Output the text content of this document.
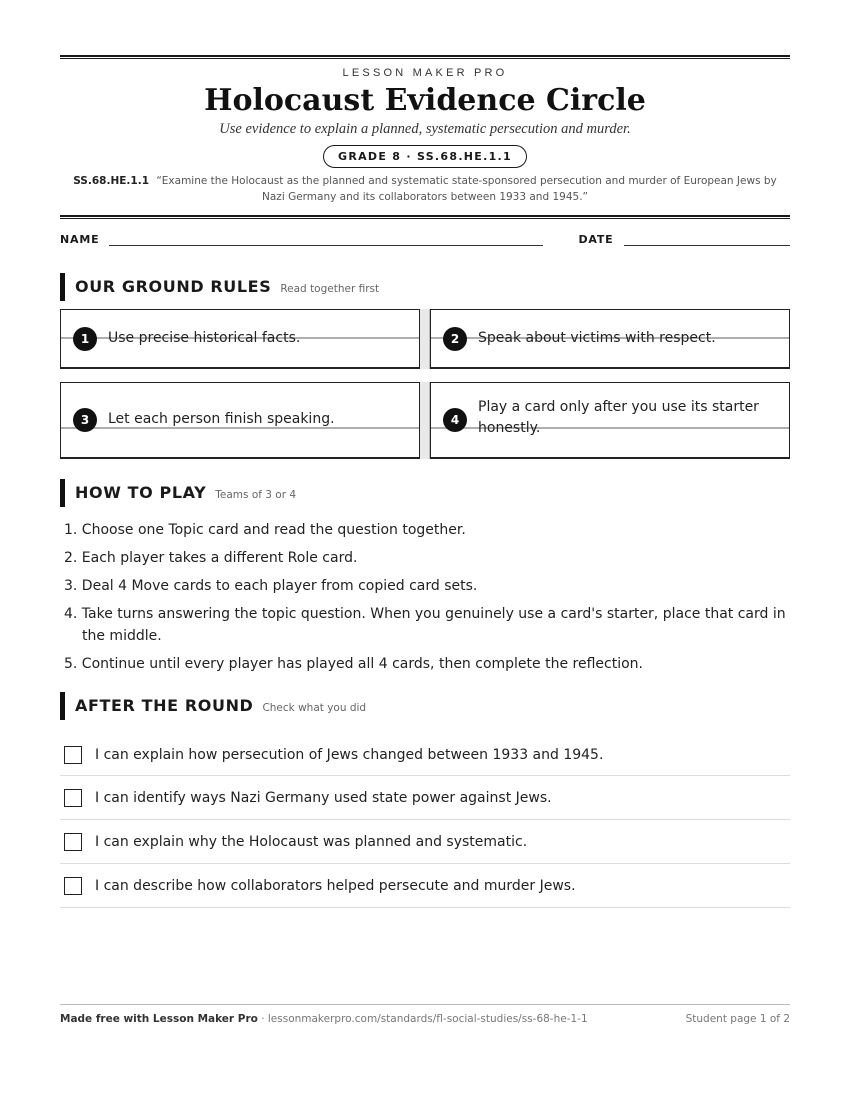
LESSON MAKER PRO
Holocaust Evidence Circle
Use evidence to explain a planned, systematic persecution and murder.
GRADE 8 · SS.68.HE.1.1
SS.68.HE.1.1 “Examine the Holocaust as the planned and systematic state-sponsored persecution and murder of European Jews by Nazi Germany and its collaborators between 1933 and 1945.”
NAME	DATE
OUR GROUND RULES Read together first
1	Use precise historical facts.	2	Speak about victims with respect.
3	Let each person finish speaking.	4
Play a card only after you use its starter honestly.
HOW TO PLAY Teams of 3 or 4
1. Choose one Topic card and read the question together.
2. Each player takes a different Role card.
3. Deal 4 Move cards to each player from copied card sets.
4. Take turns answering the topic question. When you genuinely use a card's starter, place that card in the middle.
5. Continue until every player has played all 4 cards, then complete the reflection.
AFTER THE ROUND Check what you did
I can explain how persecution of Jews changed between 1933 and 1945.
I can identify ways Nazi Germany used state power against Jews.
I can explain why the Holocaust was planned and systematic.
I can describe how collaborators helped persecute and murder Jews.
Made free with Lesson Maker Pro · lessonmakerpro.com/standards/fl-social-studies/ss-68-he-1-1	Student page 1 of 2
